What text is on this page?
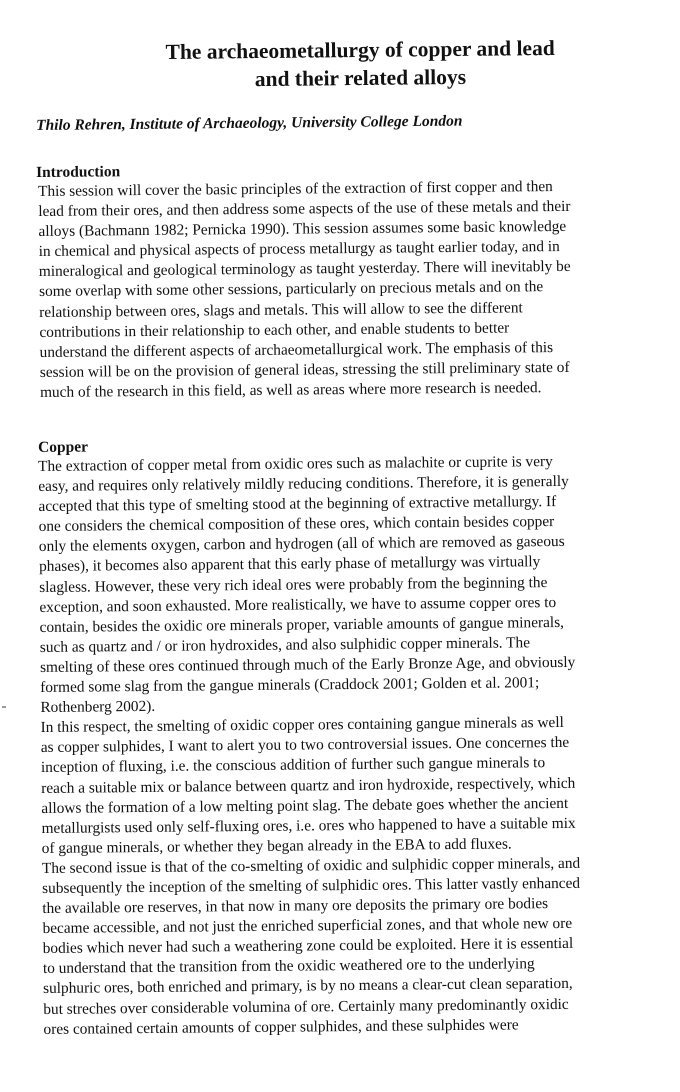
The archaeometallurgy of copper and lead
and their related alloys
Thilo Rehren, Institute of Archaeology, University College London
Introduction
This session will cover the basic principles of the extraction of first copper and then
lead from their ores, and then address some aspects of the use of these metals and their
alloys (Bachmann 1982; Pernicka 1990). This session assumes some basic knowledge
in chemical and physical aspects of process metallurgy as taught earlier today, and in
mineralogical and geological terminology as taught yesterday. There will inevitably be
some overlap with some other sessions, particularly on precious metals and on the
relationship between ores, slags and metals. This will allow to see the different
contributions in their relationship to each other, and enable students to better
understand the different aspects of archaeometallurgical work. The emphasis of this
session will be on the provision of general ideas, stressing the still preliminary state of
much of the research in this field, as well as areas where more research is needed.
Copper
The extraction of copper metal from oxidic ores such as malachite or cuprite is very
easy, and requires only relatively mildly reducing conditions. Therefore, it is generally
accepted that this type of smelting stood at the beginning of extractive metallurgy. If
one considers the chemical composition of these ores, which contain besides copper
only the elements oxygen, carbon and hydrogen (all of which are removed as gaseous
phases), it becomes also apparent that this early phase of metallurgy was virtually
slagless. However, these very rich ideal ores were probably from the beginning the
exception, and soon exhausted. More realistically, we have to assume copper ores to
contain, besides the oxidic ore minerals proper, variable amounts of gangue minerals,
such as quartz and / or iron hydroxides, and also sulphidic copper minerals. The
smelting of these ores continued through much of the Early Bronze Age, and obviously
formed some slag from the gangue minerals (Craddock 2001; Golden et al. 2001;
Rothenberg 2002).
In this respect, the smelting of oxidic copper ores containing gangue minerals as well
as copper sulphides, I want to alert you to two controversial issues. One concernes the
inception of fluxing, i.e. the conscious addition of further such gangue minerals to
reach a suitable mix or balance between quartz and iron hydroxide, respectively, which
allows the formation of a low melting point slag. The debate goes whether the ancient
metallurgists used only self-fluxing ores, i.e. ores who happened to have a suitable mix
of gangue minerals, or whether they began already in the EBA to add fluxes.
The second issue is that of the co-smelting of oxidic and sulphidic copper minerals, and
subsequently the inception of the smelting of sulphidic ores. This latter vastly enhanced
the available ore reserves, in that now in many ore deposits the primary ore bodies
became accessible, and not just the enriched superficial zones, and that whole new ore
bodies which never had such a weathering zone could be exploited. Here it is essential
to understand that the transition from the oxidic weathered ore to the underlying
sulphuric ores, both enriched and primary, is by no means a clear-cut clean separation,
but streches over considerable volumina of ore. Certainly many predominantly oxidic
ores contained certain amounts of copper sulphides, and these sulphides were
